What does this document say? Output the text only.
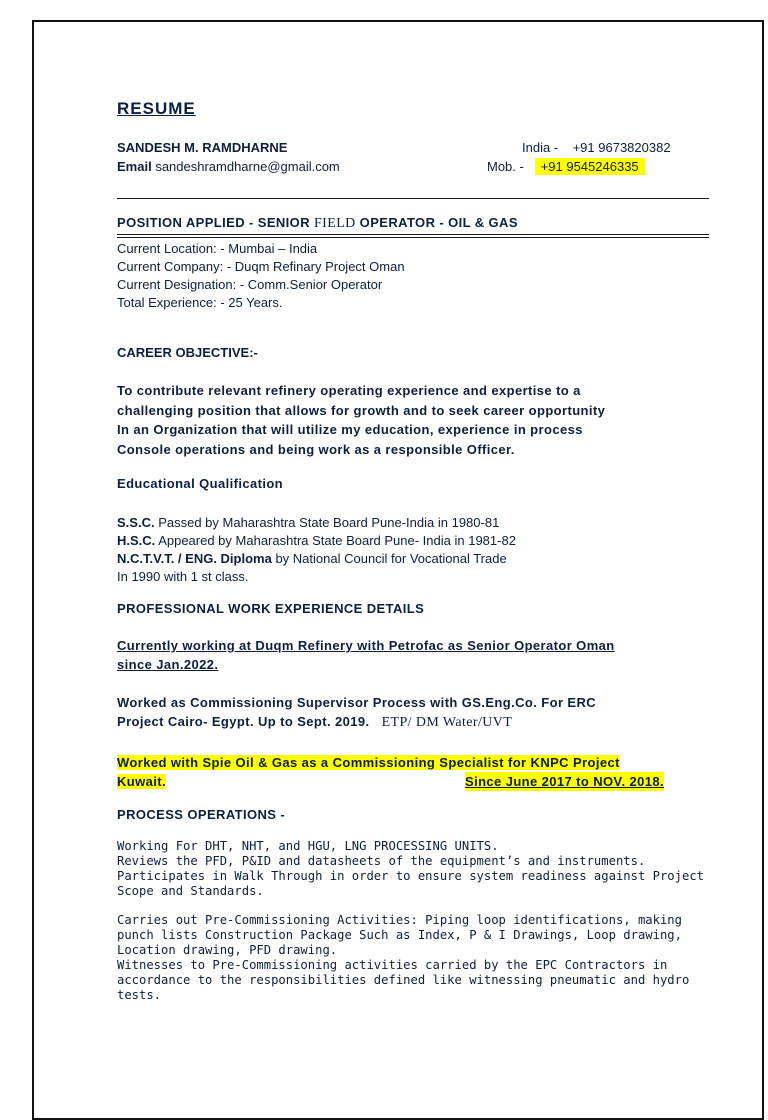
RESUME
SANDESH M. RAMDHARNE
Email sandeshramdharne@gmail.com
India - +91 9673820382
Mob. - +91 9545246335
POSITION APPLIED - SENIOR FIELD OPERATOR - OIL & GAS
Current Location: - Mumbai – India
Current Company: - Duqm Refinary Project Oman
Current Designation: - Comm.Senior Operator
Total Experience: - 25 Years.
CAREER OBJECTIVE:-
To contribute relevant refinery operating experience and expertise to a
challenging position that allows for growth and to seek career opportunity
In an Organization that will utilize my education, experience in process
Console operations and being work as a responsible Officer.
Educational Qualification
S.S.C. Passed by Maharashtra State Board Pune-India in 1980-81
H.S.C. Appeared by Maharashtra State Board Pune- India in 1981-82
N.C.T.V.T. / ENG. Diploma by National Council for Vocational Trade
In 1990 with 1 st class.
PROFESSIONAL WORK EXPERIENCE DETAILS
Currently working at Duqm Refinery with Petrofac as Senior Operator Oman
since Jan.2022.
Worked as Commissioning Supervisor Process with GS.Eng.Co. For ERC
Project Cairo- Egypt. Up to Sept. 2019. ETP/ DM Water/UVT
Worked with Spie Oil & Gas as a Commissioning Specialist for KNPC Project
Kuwait.	Since June 2017 to NOV. 2018.
PROCESS OPERATIONS -
Working For DHT, NHT, and HGU, LNG PROCESSING UNITS.
Reviews the PFD, P&ID and datasheets of the equipment’s and instruments.
Participates in Walk Through in order to ensure system readiness against Project
Scope and Standards.
Carries out Pre-Commissioning Activities: Piping loop identifications, making
punch lists Construction Package Such as Index, P & I Drawings, Loop drawing,
Location drawing, PFD drawing.
Witnesses to Pre-Commissioning activities carried by the EPC Contractors in
accordance to the responsibilities defined like witnessing pneumatic and hydro
tests.
